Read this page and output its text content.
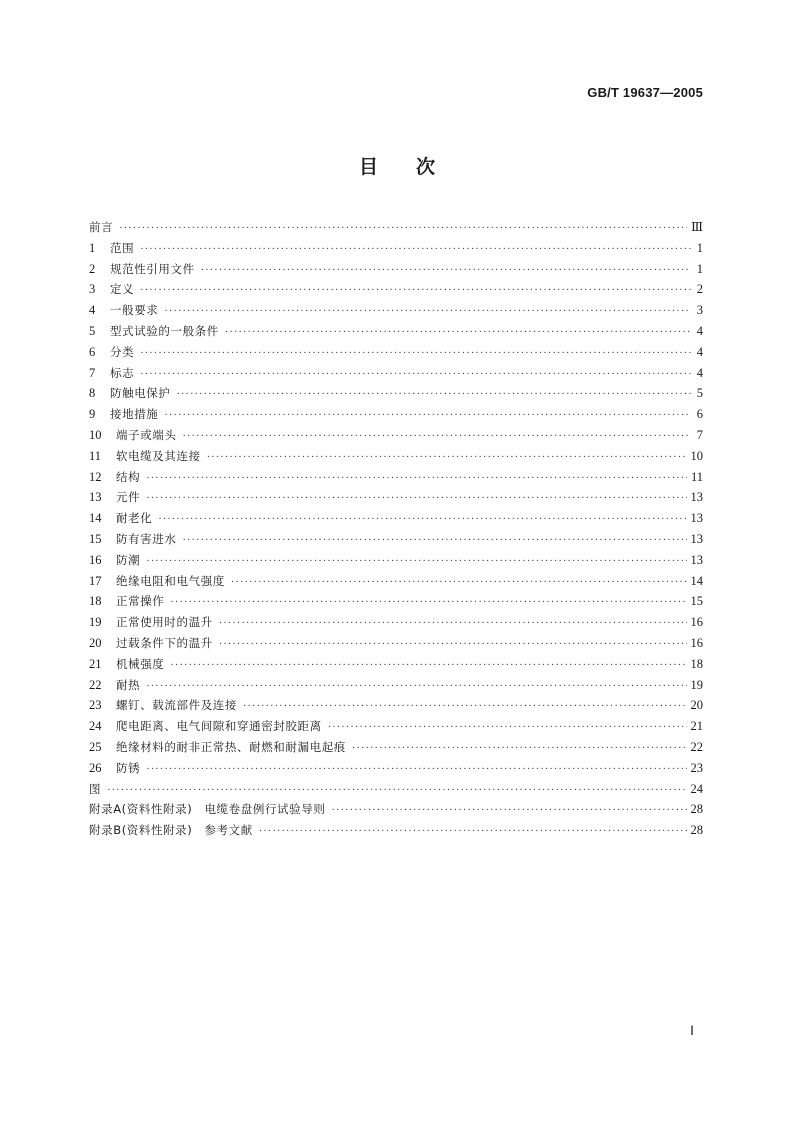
GB/T 19637—2005
目次
前言 ·····	Ⅲ
1	范围 ·····	1
2	规范性引用文件 ·····	1
3	定义 ·····	2
4	一般要求 ·····	3
5	型式试验的一般条件 ·····	4
6	分类 ·····	4
7	标志 ·····	4
8	防触电保护 ·····	5
9	接地措施 ·····	6
10	端子或端头 ·····	7
11	软电缆及其连接 ·····	10
12	结构 ·····	11
13	元件 ·····	13
14	耐老化 ·····	13
15	防有害进水 ·····	13
16	防潮 ·····	13
17	绝缘电阻和电气强度 ·····	14
18	正常操作 ·····	15
19	正常使用时的温升 ·····	16
20	过载条件下的温升 ·····	16
21	机械强度 ·····	18
22	耐热 ·····	19
23	螺钉、载流部件及连接 ·····	20
24	爬电距离、电气间隙和穿通密封胶距离 ·····	21
25	绝缘材料的耐非正常热、耐燃和耐漏电起痕 ·····	22
26	防锈 ·····	23
图 ·····	24
附录A(资料性附录)　电缆卷盘例行试验导则 ·····	28
附录B(资料性附录)　参考文献 ·····	28
Ⅰ
